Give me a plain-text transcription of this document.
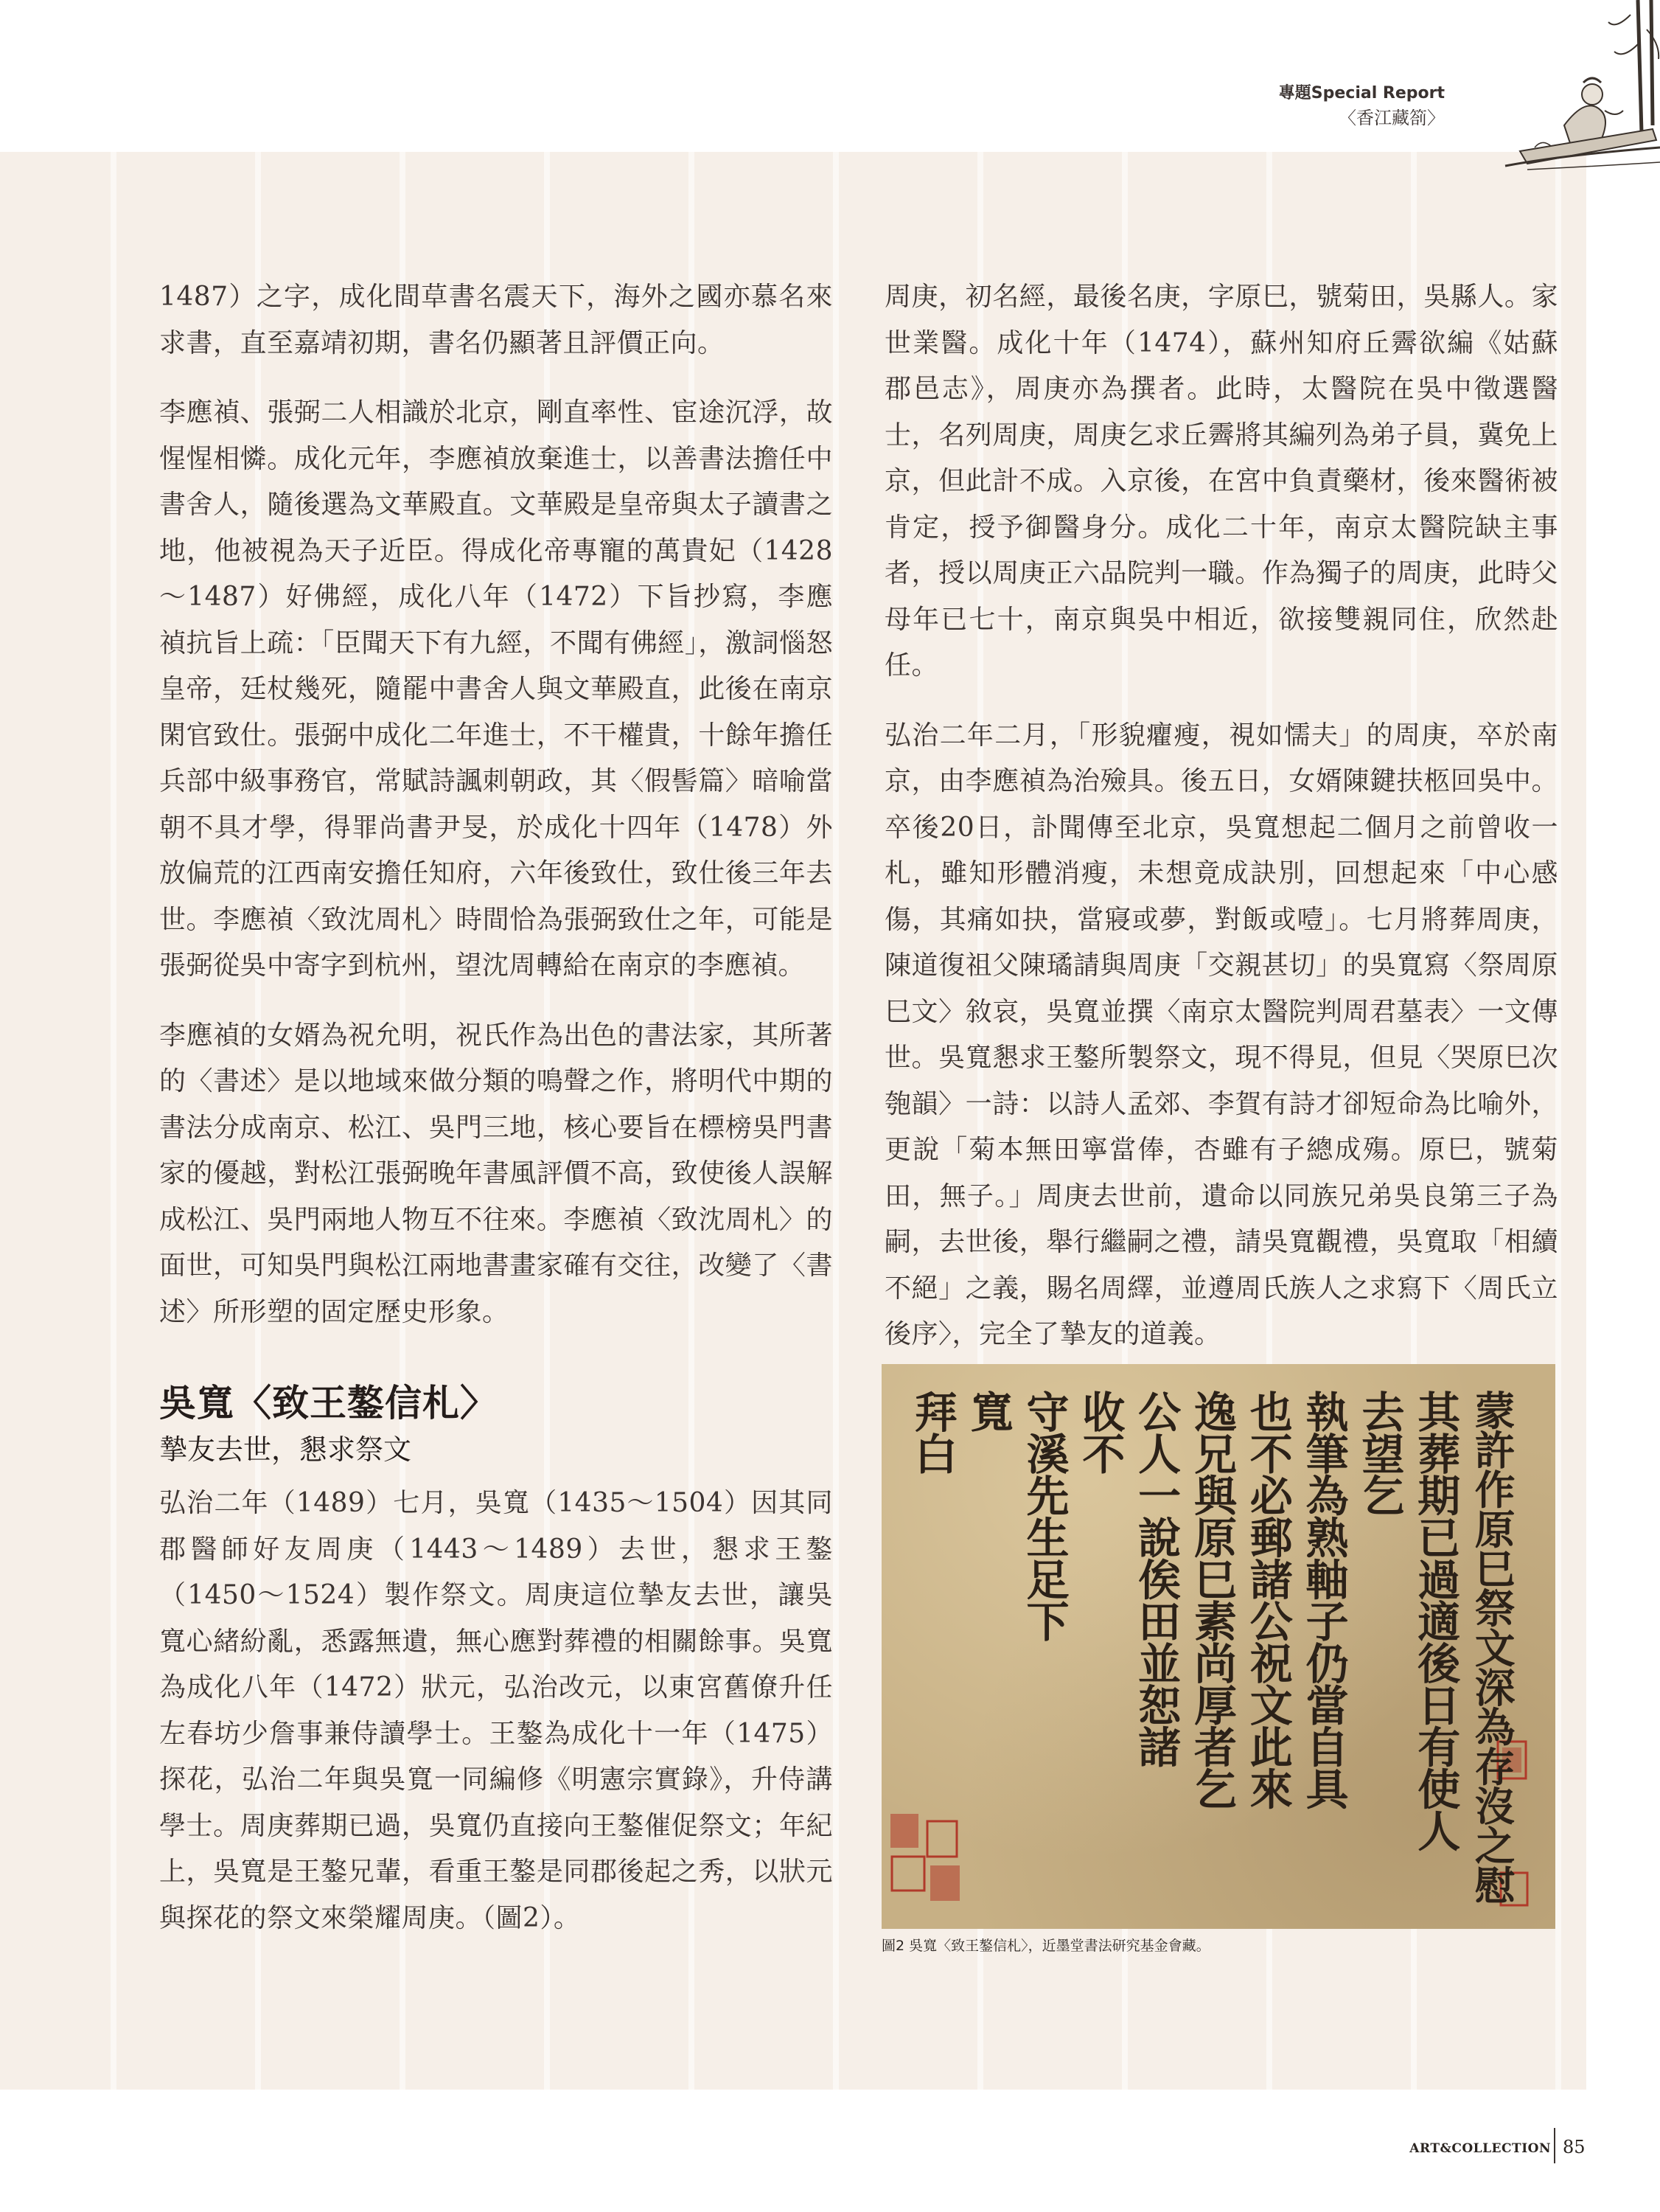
專題Special Report
〈香江藏箚〉

1487）之字，成化間草書名震天下，海外之國亦慕名來求書，直至嘉靖初期，書名仍顯著且評價正向。

李應禎、張弼二人相識於北京，剛直率性、宦途沉浮，故惺惺相憐。成化元年，李應禎放棄進士，以善書法擔任中書舍人，隨後選為文華殿直。文華殿是皇帝與太子讀書之地，他被視為天子近臣。得成化帝專寵的萬貴妃（1428～1487）好佛經，成化八年（1472）下旨抄寫，李應禎抗旨上疏：「臣聞天下有九經，不聞有佛經」，激詞惱怒皇帝，廷杖幾死，隨罷中書舍人與文華殿直，此後在南京閑官致仕。張弼中成化二年進士，不干權貴，十餘年擔任兵部中級事務官，常賦詩諷刺朝政，其〈假髻篇〉暗喻當朝不具才學，得罪尚書尹旻，於成化十四年（1478）外放偏荒的江西南安擔任知府，六年後致仕，致仕後三年去世。李應禎〈致沈周札〉時間恰為張弼致仕之年，可能是張弼從吳中寄字到杭州，望沈周轉給在南京的李應禎。

李應禎的女婿為祝允明，祝氏作為出色的書法家，其所著的〈書述〉是以地域來做分類的鳴聲之作，將明代中期的書法分成南京、松江、吳門三地，核心要旨在標榜吳門書家的優越，對松江張弼晚年書風評價不高，致使後人誤解成松江、吳門兩地人物互不往來。李應禎〈致沈周札〉的面世，可知吳門與松江兩地書畫家確有交往，改變了〈書述〉所形塑的固定歷史形象。

吳寬〈致王鏊信札〉
摯友去世，懇求祭文

弘治二年（1489）七月，吳寬（1435～1504）因其同郡醫師好友周庚（1443～1489）去世，懇求王鏊（1450～1524）製作祭文。周庚這位摯友去世，讓吳寬心緒紛亂，悉露無遺，無心應對葬禮的相關餘事。吳寬為成化八年（1472）狀元，弘治改元，以東宮舊僚升任左春坊少詹事兼侍讀學士。王鏊為成化十一年（1475）探花，弘治二年與吳寬一同編修《明憲宗實錄》，升侍講學士。周庚葬期已過，吳寬仍直接向王鏊催促祭文；年紀上，吳寬是王鏊兄輩，看重王鏊是同郡後起之秀，以狀元與探花的祭文來榮耀周庚。（圖2）。

周庚，初名經，最後名庚，字原巳，號菊田，吳縣人。家世業醫。成化十年（1474），蘇州知府丘霽欲編《姑蘇郡邑志》，周庚亦為撰者。此時，太醫院在吳中徵選醫士，名列周庚，周庚乞求丘霽將其編列為弟子員，冀免上京，但此計不成。入京後，在宮中負責藥材，後來醫術被肯定，授予御醫身分。成化二十年，南京太醫院缺主事者，授以周庚正六品院判一職。作為獨子的周庚，此時父母年已七十，南京與吳中相近，欲接雙親同住，欣然赴任。

弘治二年二月，「形貌癯瘦，視如懦夫」的周庚，卒於南京，由李應禎為治殮具。後五日，女婿陳鍵扶柩回吳中。卒後20日，訃聞傳至北京，吳寬想起二個月之前曾收一札，雖知形體消瘦，未想竟成訣別，回想起來「中心感傷，其痛如抉，當寢或夢，對飯或噎」。七月將葬周庚，陳道復祖父陳璚請與周庚「交親甚切」的吳寬寫〈祭周原巳文〉敘哀，吳寬並撰〈南京太醫院判周君墓表〉一文傳世。吳寬懇求王鏊所製祭文，現不得見，但見〈哭原巳次匏韻〉一詩：以詩人孟郊、李賀有詩才卻短命為比喻外，更說「菊本無田寧當俸，杏雖有子總成殤。原巳，號菊田，無子。」周庚去世前，遺命以同族兄弟吳良第三子為嗣，去世後，舉行繼嗣之禮，請吳寬觀禮，吳寬取「相續不絕」之義，賜名周繹，並遵周氏族人之求寫下〈周氏立後序〉，完全了摯友的道義。

蒙許作原巳祭文深為存沒之慰
其葬期已過適後日有使人
去望乞
執筆為熟軸子仍當自具
也不必郵諸公祝文此來
逸兄與原巳素尚厚者乞
公人一說俟田並恕諸
收不
守溪先生足下
寬
拜白
圖2 吳寬〈致王鏊信札〉，近墨堂書法研究基金會藏。
ART&COLLECTION 85
